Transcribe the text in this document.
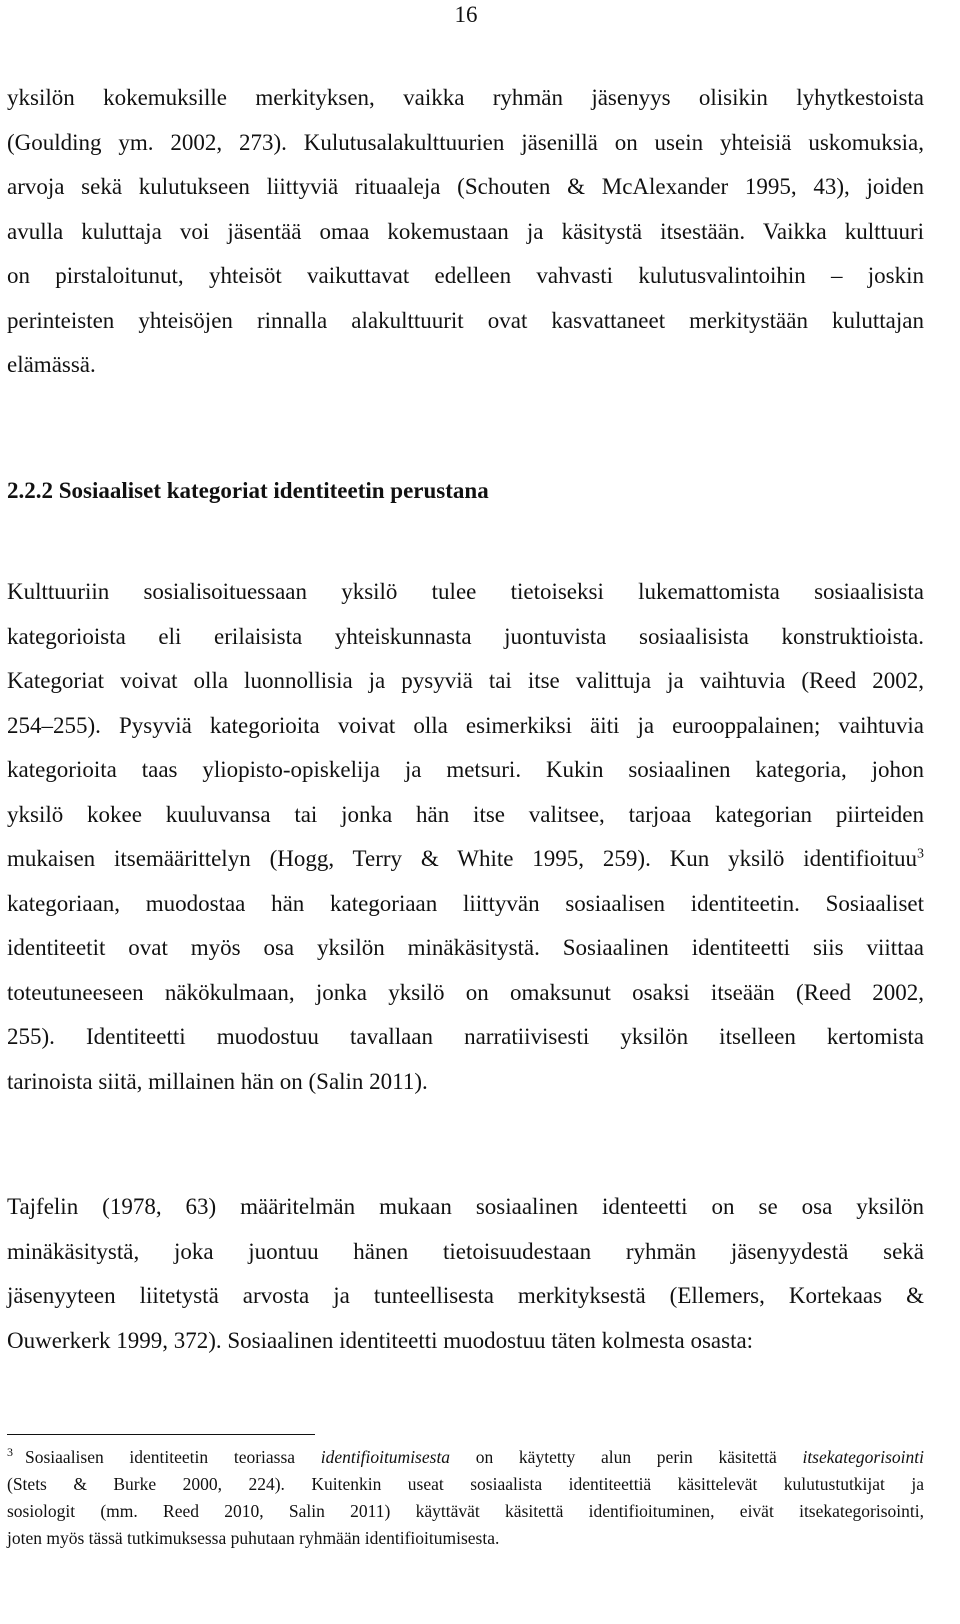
16
yksilön kokemuksille merkityksen, vaikka ryhmän jäsenyys olisikin lyhytkestoista
(Goulding ym. 2002, 273). Kulutusalakulttuurien jäsenillä on usein yhteisiä uskomuksia,
arvoja sekä kulutukseen liittyviä rituaaleja (Schouten & McAlexander 1995, 43), joiden
avulla kuluttaja voi jäsentää omaa kokemustaan ja käsitystä itsestään. Vaikka kulttuuri
on pirstaloitunut, yhteisöt vaikuttavat edelleen vahvasti kulutusvalintoihin – joskin
perinteisten yhteisöjen rinnalla alakulttuurit ovat kasvattaneet merkitystään kuluttajan
elämässä.
2.2.2 Sosiaaliset kategoriat identiteetin perustana
Kulttuuriin sosialisoituessaan yksilö tulee tietoiseksi lukemattomista sosiaalisista
kategorioista eli erilaisista yhteiskunnasta juontuvista sosiaalisista konstruktioista.
Kategoriat voivat olla luonnollisia ja pysyviä tai itse valittuja ja vaihtuvia (Reed 2002,
254–255). Pysyviä kategorioita voivat olla esimerkiksi äiti ja eurooppalainen; vaihtuvia
kategorioita taas yliopisto-opiskelija ja metsuri. Kukin sosiaalinen kategoria, johon
yksilö kokee kuuluvansa tai jonka hän itse valitsee, tarjoaa kategorian piirteiden
mukaisen itsemäärittelyn (Hogg, Terry & White 1995, 259). Kun yksilö identifioituu$^3$
kategoriaan, muodostaa hän kategoriaan liittyvän sosiaalisen identiteetin. Sosiaaliset
identiteetit ovat myös osa yksilön minäkäsitystä. Sosiaalinen identiteetti siis viittaa
toteutuneeseen näkökulmaan, jonka yksilö on omaksunut osaksi itseään (Reed 2002,
255). Identiteetti muodostuu tavallaan narratiivisesti yksilön itselleen kertomista
tarinoista siitä, millainen hän on (Salin 2011).
Tajfelin (1978, 63) määritelmän mukaan sosiaalinen identeetti on se osa yksilön
minäkäsitystä, joka juontuu hänen tietoisuudestaan ryhmän jäsenyydestä sekä
jäsenyyteen liitetystä arvosta ja tunteellisesta merkityksestä (Ellemers, Kortekaas &
Ouwerkerk 1999, 372). Sosiaalinen identiteetti muodostuu täten kolmesta osasta:
$^3$ Sosiaalisen identiteetin teoriassa identifioitumisesta on käytetty alun perin käsitettä itsekategorisointi
(Stets & Burke 2000, 224). Kuitenkin useat sosiaalista identiteettiä käsittelevät kulutustutkijat ja
sosiologit (mm. Reed 2010, Salin 2011) käyttävät käsitettä identifioituminen, eivät itsekategorisointi,
joten myös tässä tutkimuksessa puhutaan ryhmään identifioitumisesta.
